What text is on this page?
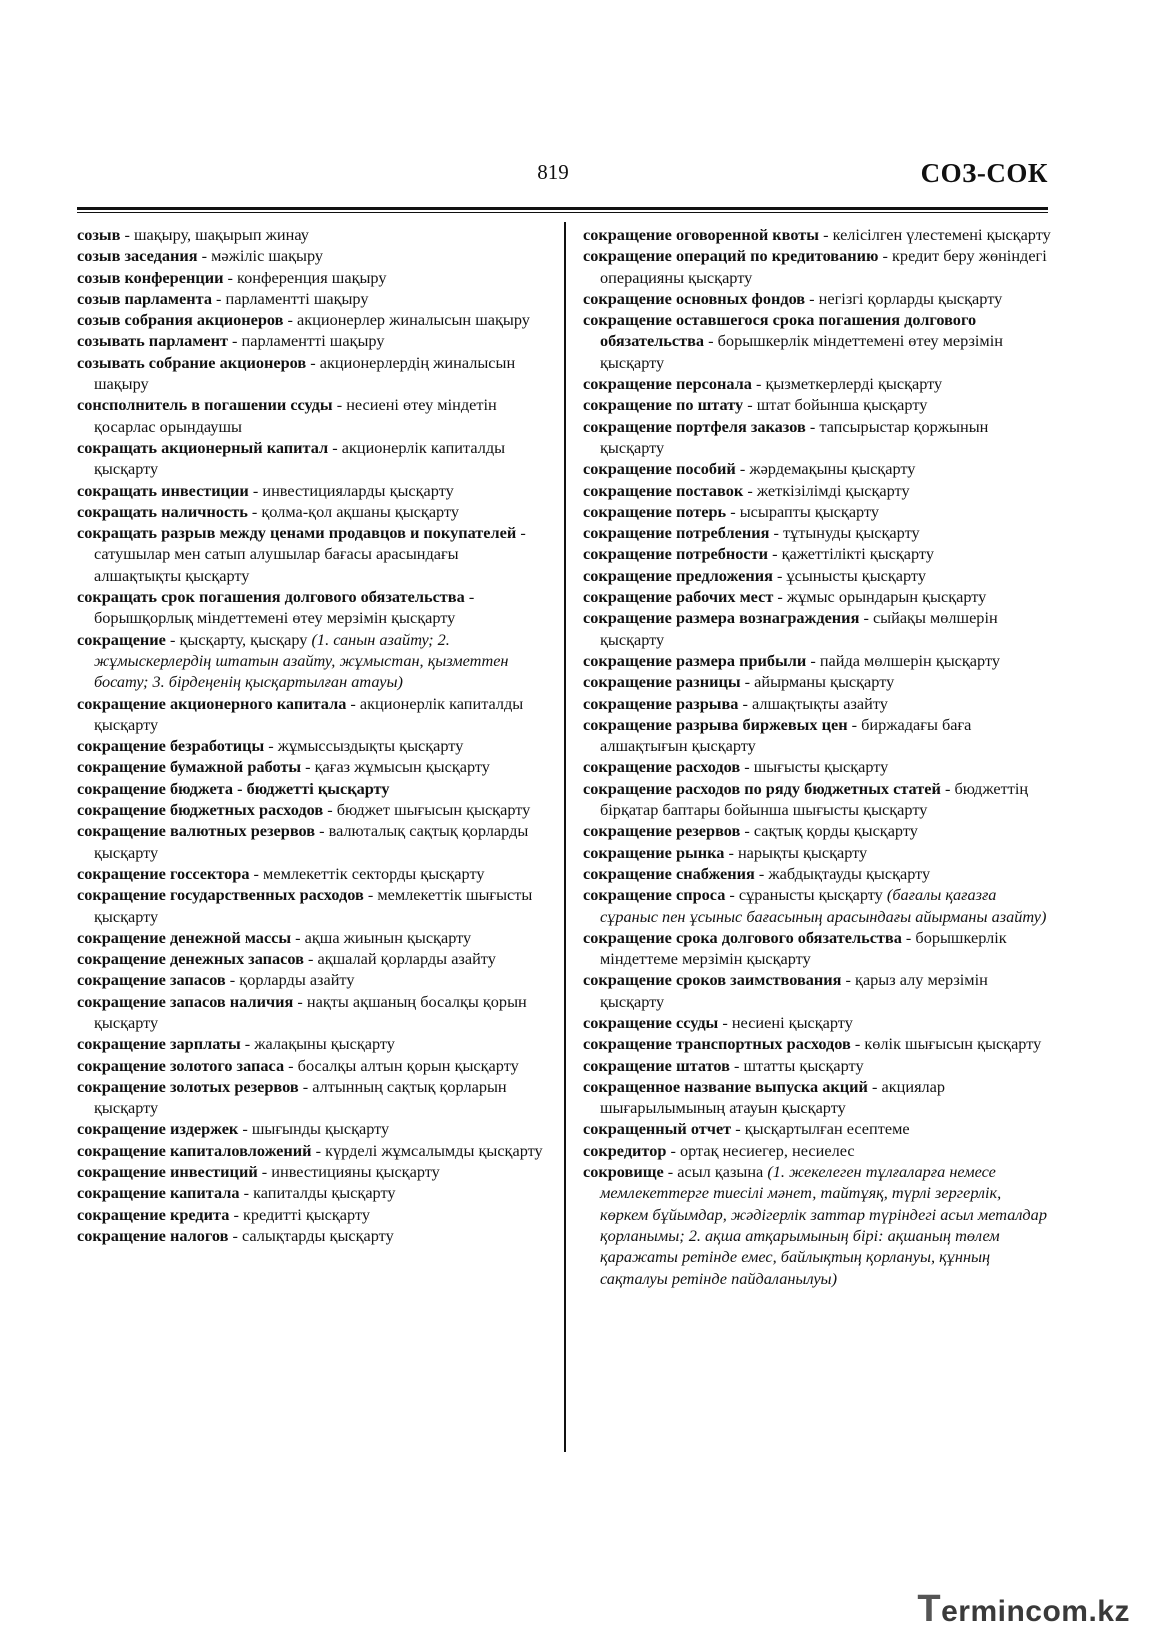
819	СОЗ-СОК

созыв - шақыру, шақырып жинау

созыв заседания - мәжіліс шақыру

созыв конференции - конференция шақыру

созыв парламента - парламентті шақыру

созыв собрания акционеров - акционерлер жиналысын шақыру

созывать парламент - парламентті шақыру

созывать собрание акционеров - акционерлердің жиналысын шақыру

сонсполнитель в погашении ссуды - несиені өтеу міндетін қосарлас орындаушы

сокращать акционерный капитал - акционерлік капиталды қысқарту

сокращать инвестиции - инвестицияларды қысқарту

сокращать наличность - қолма-қол ақшаны қысқарту

сокращать разрыв между ценами продавцов и покупателей - сатушылар мен сатып алушылар бағасы арасындағы алшақтықты қысқарту

сокращать срок погашения долгового обязательства - борышқорлық міндеттемені өтеу мерзімін қысқарту

сокращение - қысқарту, қысқару (1. санын азайту; 2. жұмыскерлердің штатын азайту, жұмыстан, қызметтен босату; 3. бірдеңенің қысқартылған атауы)

сокращение акционерного капитала - акционерлік капиталды қысқарту

сокращение безработицы - жұмыссыздықты қысқарту

сокращение бумажной работы - қағаз жұмысын қысқарту

сокращение бюджета - бюджетті қысқарту

сокращение бюджетных расходов - бюджет шығысын қысқарту

сокращение валютных резервов - валюталық сақтық қорларды қысқарту

сокращение госсектора - мемлекеттік секторды қысқарту

сокращение государственных расходов - мемлекеттік шығысты қысқарту

сокращение денежной массы - ақша жиынын қысқарту

сокращение денежных запасов - ақшалай қорларды азайту

сокращение запасов - қорларды азайту

сокращение запасов наличия - нақты ақшаның босалқы қорын қысқарту

сокращение зарплаты - жалақыны қысқарту

сокращение золотого запаса - босалқы алтын қорын қысқарту

сокращение золотых резервов - алтынның сақтық қорларын қысқарту

сокращение издержек - шығынды қысқарту

сокращение капиталовложений - күрделі жұмсалымды қысқарту

сокращение инвестиций - инвестицияны қысқарту

сокращение капитала - капиталды қысқарту

сокращение кредита - кредитті қысқарту

сокращение налогов - салықтарды қысқарту

сокращение оговоренной квоты - келісілген үлестемені қысқарту

сокращение операций по кредитованию - кредит беру жөніндегі операцияны қысқарту

сокращение основных фондов - негізгі қорларды қысқарту

сокращение оставшегося срока погашения долгового обязательства - борышкерлік міндеттемені өтеу мерзімін қысқарту

сокращение персонала - қызметкерлерді қысқарту

сокращение по штату - штат бойынша қысқарту

сокращение портфеля заказов - тапсырыстар қоржынын қысқарту

сокращение пособий - жәрдемақыны қысқарту

сокращение поставок - жеткізілімді қысқарту

сокращение потерь - ысырапты қысқарту

сокращение потребления - тұтынуды қысқарту

сокращение потребности - қажеттілікті қысқарту

сокращение предложения - ұсынысты қысқарту

сокращение рабочих мест - жұмыс орындарын қысқарту

сокращение размера вознаграждения - сыйақы мөлшерін қысқарту

сокращение размера прибыли - пайда мөлшерін қысқарту

сокращение разницы - айырманы қысқарту

сокращение разрыва - алшақтықты азайту

сокращение разрыва биржевых цен - биржадағы баға алшақтығын қысқарту

сокращение расходов - шығысты қысқарту

сокращение расходов по ряду бюджетных статей - бюджеттің бірқатар баптары бойынша шығысты қысқарту

сокращение резервов - сақтық қорды қысқарту

сокращение рынка - нарықты қысқарту

сокращение снабжения - жабдықтауды қысқарту

сокращение спроса - сұранысты қысқарту (бағалы қағазға сұраныс пен ұсыныс бағасының арасындағы айырманы азайту)

сокращение срока долгового обязательства - борышкерлік міндеттеме мерзімін қысқарту

сокращение сроков заимствования - қарыз алу мерзімін қысқарту

сокращение ссуды - несиені қысқарту

сокращение транспортных расходов - көлік шығысын қысқарту

сокращение штатов - штатты қысқарту

сокращенное название выпуска акций - акциялар шығарылымының атауын қысқарту

сокращенный отчет - қысқартылған есептеме

сокредитор - ортақ несиегер, несиелес

сокровище - асыл қазына (1. жекелеген тұлғаларға немесе мемлекеттерге тиесілі мәнет, тайтұяқ, түрлі зергерлік, көркем бұйымдар, жәдігерлік заттар түріндегі асыл металдар қорланымы; 2. ақша атқарымының бірі: ақшаның төлем қаражаты ретінде емес, байлықтың қорлануы, құнның сақталуы ретінде пайдаланылуы)

Termincom.kz
